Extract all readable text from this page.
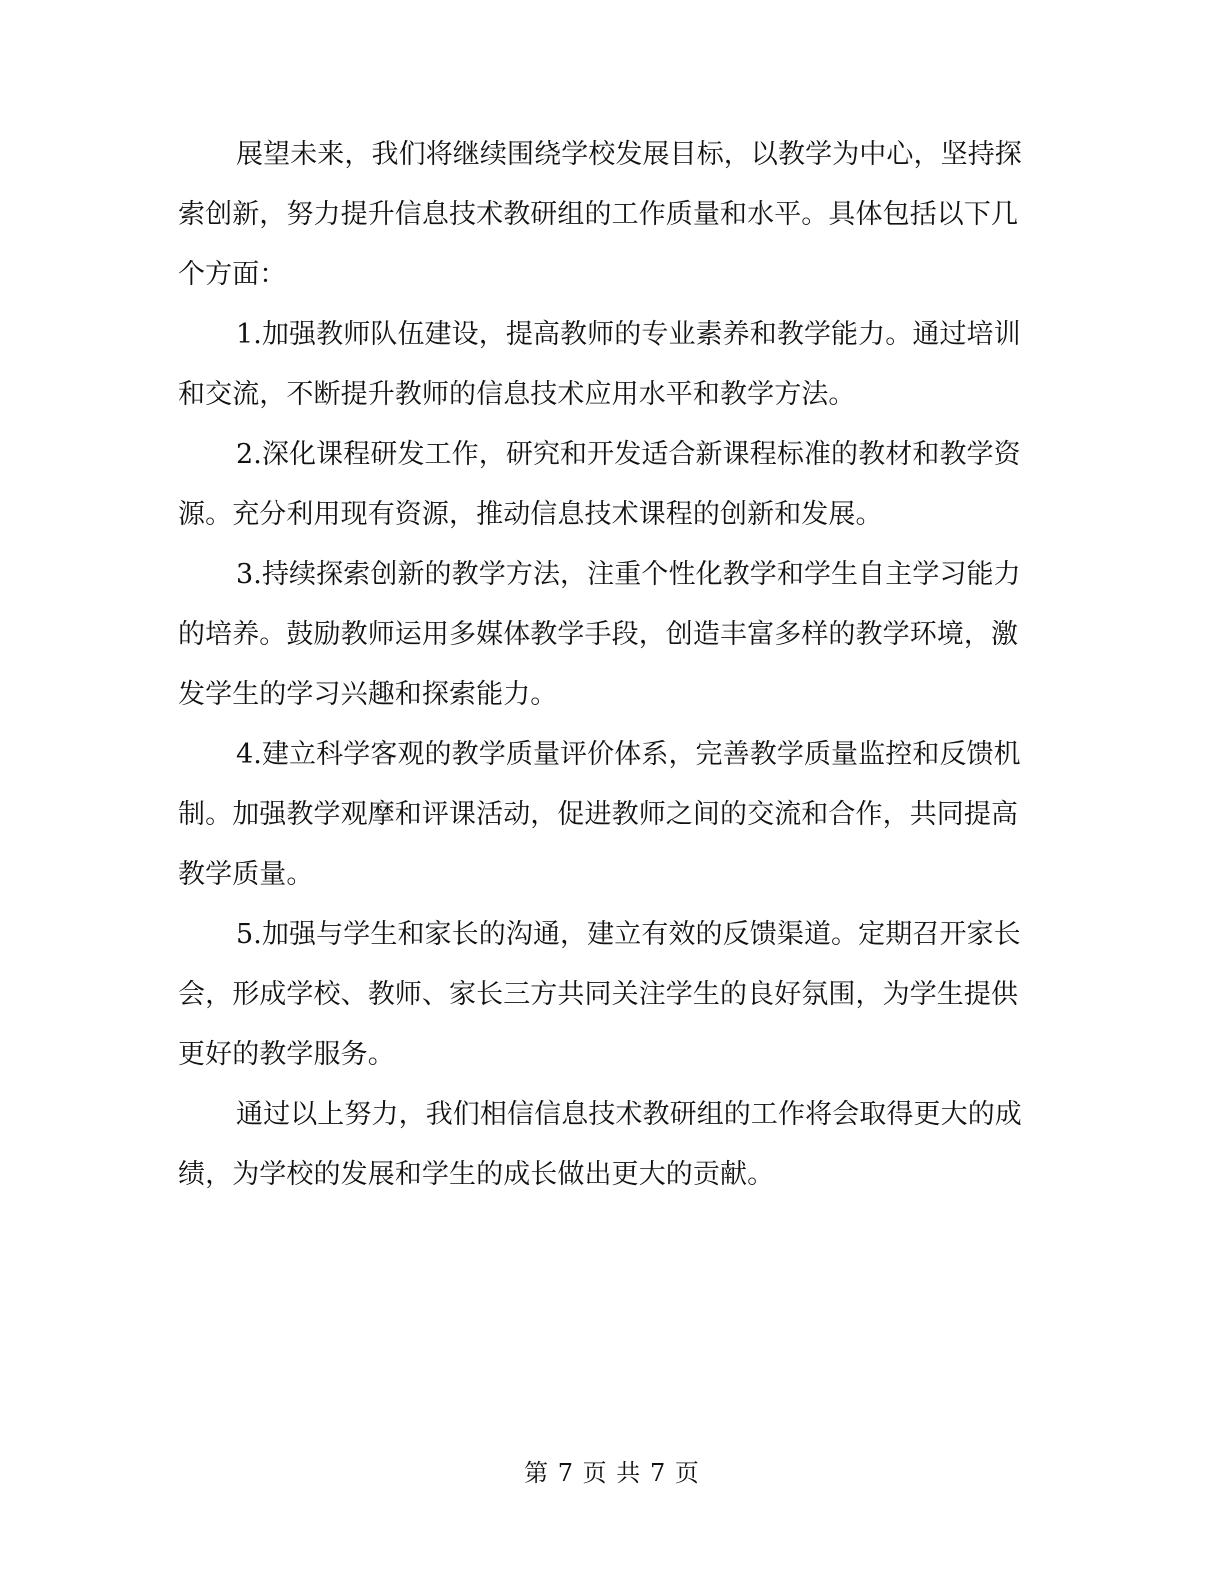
展望未来，我们将继续围绕学校发展目标，以教学为中心，坚持探索创新，努力提升信息技术教研组的工作质量和水平。具体包括以下几个方面：

1.加强教师队伍建设，提高教师的专业素养和教学能力。通过培训和交流，不断提升教师的信息技术应用水平和教学方法。

2.深化课程研发工作，研究和开发适合新课程标准的教材和教学资源。充分利用现有资源，推动信息技术课程的创新和发展。

3.持续探索创新的教学方法，注重个性化教学和学生自主学习能力的培养。鼓励教师运用多媒体教学手段，创造丰富多样的教学环境，激发学生的学习兴趣和探索能力。

4.建立科学客观的教学质量评价体系，完善教学质量监控和反馈机制。加强教学观摩和评课活动，促进教师之间的交流和合作，共同提高教学质量。

5.加强与学生和家长的沟通，建立有效的反馈渠道。定期召开家长会，形成学校、教师、家长三方共同关注学生的良好氛围，为学生提供更好的教学服务。

通过以上努力，我们相信信息技术教研组的工作将会取得更大的成绩，为学校的发展和学生的成长做出更大的贡献。

第 7 页 共 7 页
